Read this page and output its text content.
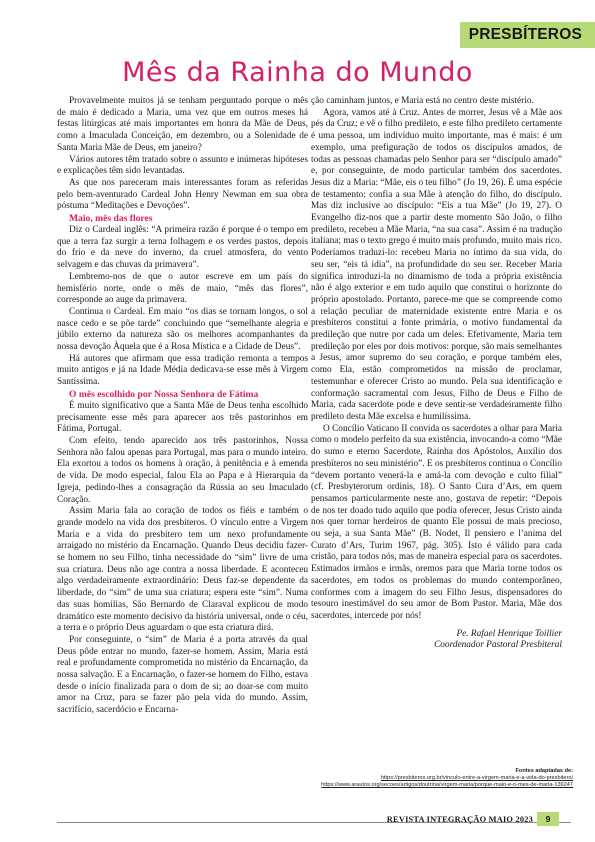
PRESBÍTEROS
Mês da Rainha do Mundo

Provavelmente muitos já se tenham perguntado porque o mês de maio é dedicado a Maria, uma vez que em outros meses há festas litúrgicas até mais importantes em honra da Mãe de Deus, como a Imaculada Conceição, em dezembro, ou a Solenidade de Santa Maria Mãe de Deus, em janeiro?

Vários autores têm tratado sobre o assunto e inúmeras hipóteses e explicações têm sido levantadas.

As que nos pareceram mais interessantes foram as referidas pelo bem-aventurado Cardeal John Henry Newman em sua obra póstuma “Meditações e Devoções”.

Maio, mês das flores

Diz o Cardeal inglês: “A primeira razão é porque é o tempo em que a terra faz surgir a terna folhagem e os verdes pastos, depois do frio e da neve do inverno, da cruel atmosfera, do vento selvagem e das chuvas da primavera”.

Lembremo-nos de que o autor escreve em um país do hemisfério norte, onde o mês de maio, “mês das flores”, corresponde ao auge da primavera.

Continua o Cardeal. Em maio “os dias se tornam longos, o sol nasce cedo e se põe tarde” concluindo que “semelhante alegria e júbilo externo da natureza são os melhores acompanhantes da nossa devoção Àquela que é a Rosa Mística e a Cidade de Deus”.

Há autores que afirmam que essa tradição remonta a tempos muito antigos e já na Idade Média dedicava-se esse mês à Virgem Santíssima.

O mês escolhido por Nossa Senhora de Fátima

É muito significativo que a Santa Mãe de Deus tenha escolhido precisamente esse mês para aparecer aos três pastorinhos em Fátima, Portugal.

Com efeito, tendo aparecido aos três pastorinhos, Nossa Senhora não falou apenas para Portugal, mas para o mundo inteiro. Ela exortou a todos os homens à oração, à penitência e à emenda de vida. De modo especial, falou Ela ao Papa e à Hierarquia da Igreja, pedindo-lhes a consagração da Rússia ao seu Imaculado Coração.

Assim Maria fala ao coração de todos os fiéis e também o grande modelo na vida dos presbíteros. O vínculo entre a Virgem Maria e a vida do presbítero tem um nexo profundamente arraigado no mistério da Encarnação. Quando Deus decidiu fazer-se homem no seu Filho, tinha necessidade do “sim” livre de uma sua criatura. Deus não age contra a nossa liberdade. E aconteceu algo verdadeiramente extraordinário: Deus faz-se dependente da liberdade, do “sim” de uma sua criatura; espera este “sim”. Numa das suas homilias, São Bernardo de Claraval explicou de modo dramático este momento decisivo da história universal, onde o céu, a terra e o próprio Deus aguardam o que esta criatura dirá.

Por conseguinte, o “sim” de Maria é a porta através da qual Deus pôde entrar no mundo, fazer-se homem. Assim, Maria está real e profundamente comprometida no mistério da Encarnação, da nossa salvação. E a Encarnação, o fazer-se homem do Filho, estava desde o início finalizada para o dom de si; ao doar-se com muito amor na Cruz, para se fazer pão pela vida do mundo. Assim, sacrifício, sacerdócio e Encarna-

ção caminham juntos, e Maria está no centro deste mistério.

Agora, vamos até à Cruz. Antes de morrer, Jesus vê a Mãe aos pés da Cruz; e vê o filho predileto, e este filho predileto certamente é uma pessoa, um indivíduo muito importante, mas é mais: é um exemplo, uma prefiguração de todos os discípulos amados, de todas as pessoas chamadas pelo Senhor para ser “discípulo amado” e, por conseguinte, de modo particular também dos sacerdotes. Jesus diz a Maria: “Mãe, eis o teu filho” (Jo 19, 26). É uma espécie de testamento: confia a sua Mãe à atenção do filho, do discípulo. Mas diz inclusive ao discípulo: “Eis a tua Mãe” (Jo 19, 27). O Evangelho diz-nos que a partir deste momento São João, o filho predileto, recebeu a Mãe Maria, “na sua casa”. Assim é na tradução italiana; mas o texto grego é muito mais profundo, muito mais rico. Poderíamos traduzi-lo: recebeu Maria no íntimo da sua vida, do seu ser, “eis tá ídia”, na profundidade do seu ser. Receber Maria significa introduzi-la no dinamismo de toda a própria existência não é algo exterior e em tudo aquilo que constitui o horizonte do próprio apostolado. Portanto, parece-me que se compreende como a relação peculiar de maternidade existente entre Maria e os presbíteros constitui a fonte primária, o motivo fundamental da predileção que nutre por cada um deles. Efetivamente, Maria tem predileção por eles por dois motivos: porque, são mais semelhantes a Jesus, amor supremo do seu coração, e porque também eles, como Ela, estão comprometidos na missão de proclamar, testemunhar e oferecer Cristo ao mundo. Pela sua identificação e conformação sacramental com Jesus, Filho de Deus e Filho de Maria, cada sacerdote pode e deve sentir-se verdadeiramente filho predileto desta Mãe excelsa e humilíssima.

O Concílio Vaticano II convida os sacerdotes a olhar para Maria como o modelo perfeito da sua existência, invocando-a como “Mãe do sumo e eterno Sacerdote, Rainha dos Apóstolos, Auxílio dos presbíteros no seu ministério”. E os presbíteros continua o Concílio “devem portanto venerá-la e amá-la com devoção e culto filial” (cf. Presbyterorum ordinis, 18). O Santo Cura d’Ars, em quem pensamos particularmente neste ano, gostava de repetir: “Depois de nos ter doado tudo aquilo que podia oferecer, Jesus Cristo ainda nos quer tornar herdeiros de quanto Ele possui de mais precioso, ou seja, a sua Santa Mãe” (B. Nodet, Il pensiero e l’anima del Curato d’Ars, Turim 1967, pág. 305). Isto é válido para cada cristão, para todos nós, mas de maneira especial para os sacerdotes. Estimados irmãos e irmãs, oremos para que Maria torne todos os sacerdotes, em todos os problemas do mundo contemporâneo, conformes com a imagem do seu Filho Jesus, dispensadores do tesouro inestimável do seu amor de Bom Pastor. Maria, Mãe dos sacerdotes, intercede por nós!

Pe. Rafael Henrique Toillier
Coordenador Pastoral Presbiteral
Fontes adaptadas de:
https://presbiteros.org.br/vinculo-entre-a-virgem-maria-e-a-vida-do-presbitero/
https://www.arautos.org/secoes/artigos/doutrina/virgem-maria/porque-maio-e-o-mes-de-maria-139247
REVISTA INTEGRAÇÃO MAIO 2023	9
